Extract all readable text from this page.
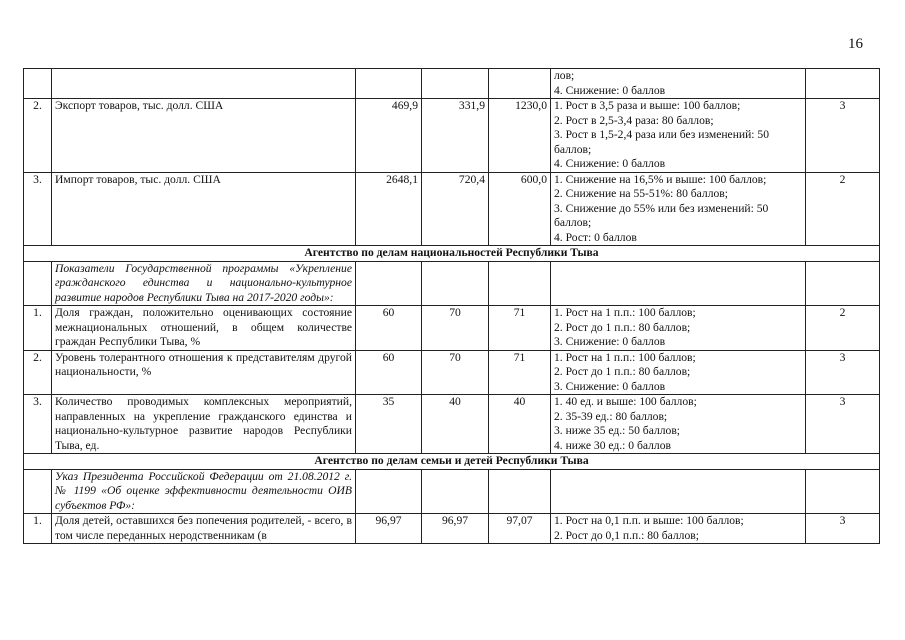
16

					лов;
4. Снижение: 0 баллов	

2.	Экспорт товаров, тыс. долл. США	469,9	331,9	1230,0	1. Рост в 3,5 раза и выше: 100 баллов;
2. Рост в 2,5-3,4 раза: 80 баллов;
3. Рост в 1,5-2,4 раза или без изменений: 50 баллов;
4. Снижение: 0 баллов	3
3.	Импорт товаров, тыс. долл. США	2648,1	720,4	600,0	1. Снижение на 16,5% и выше: 100 баллов;
2. Снижение на 55-51%: 80 баллов;
3. Снижение до 55% или без изменений: 50 баллов;
4. Рост: 0 баллов	2
Агентство по делам национальностей Республики Тыва						
	Показатели Государственной программы «Укрепление гражданского единства и национально-культурное развитие народов Республики Тыва на 2017-2020 годы»:					
1.	Доля граждан, положительно оценивающих состояние межнациональных отношений, в общем количестве граждан Республики Тыва, %	60	70	71	1. Рост на 1 п.п.: 100 баллов;
2. Рост до 1 п.п.: 80 баллов;
3. Снижение: 0 баллов	2
2.	Уровень толерантного отношения к представителям другой национальности, %	60	70	71	1. Рост на 1 п.п.: 100 баллов;
2. Рост до 1 п.п.: 80 баллов;
3. Снижение: 0 баллов	3
3.	Количество проводимых комплексных мероприятий, направленных на укрепление гражданского единства и национально-культурное развитие народов Республики Тыва, ед.	35	40	40	1. 40 ед. и выше: 100 баллов;
2. 35-39 ед.: 80 баллов;
3. ниже 35 ед.: 50 баллов;
4. ниже 30 ед.: 0 баллов	3
Агентство по делам семьи и детей Республики Тыва						
	Указ Президента Российской Федерации от 21.08.2012 г. № 1199 «Об оценке эффективности деятельности ОИВ субъектов РФ»:					
1.	Доля детей, оставшихся без попечения родителей, - всего, в том числе переданных неродственникам (в	96,97	96,97	97,07	1. Рост на 0,1 п.п. и выше: 100 баллов;
2. Рост до 0,1 п.п.: 80 баллов;	3
